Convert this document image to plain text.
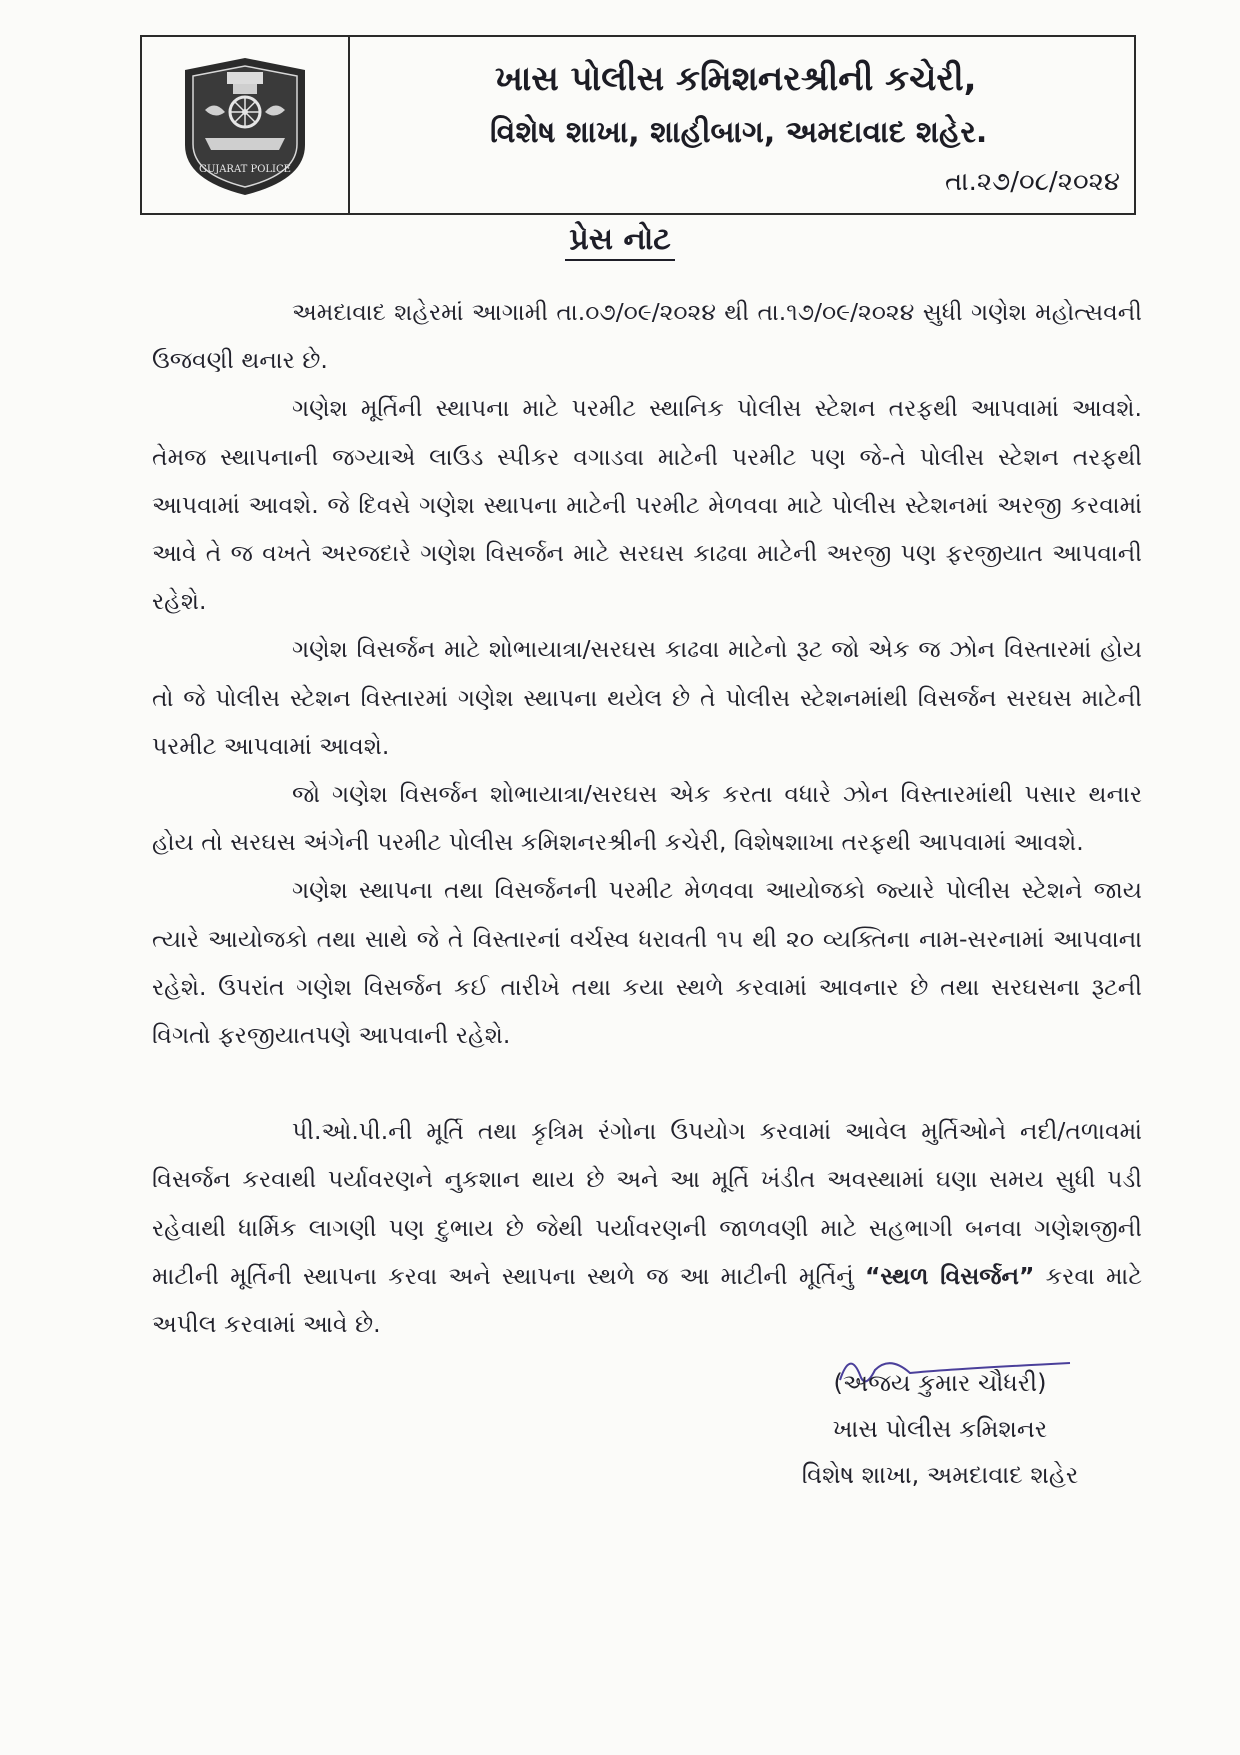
GUJARAT POLICE
ખાસ પોલીસ કમિશનરશ્રીની કચેરી,
વિશેષ શાખા, શાહીબાગ, અમદાવાદ શહેર.
તા.૨૭/૦૮/૨૦૨૪
પ્રેસ નોટ

અમદાવાદ શહેરમાં આગામી તા.૦૭/૦૯/૨૦૨૪ થી તા.૧૭/૦૯/૨૦૨૪ સુધી ગણેશ મહોત્સવની ઉજવણી થનાર છે.

ગણેશ મૂર્તિની સ્થાપના માટે પરમીટ સ્થાનિક પોલીસ સ્ટેશન તરફથી આપવામાં આવશે. તેમજ સ્થાપનાની જગ્યાએ લાઉડ સ્પીકર વગાડવા માટેની પરમીટ પણ જે-તે પોલીસ સ્ટેશન તરફથી આપવામાં આવશે. જે દિવસે ગણેશ સ્થાપના માટેની પરમીટ મેળવવા માટે પોલીસ સ્ટેશનમાં અરજી કરવામાં આવે તે જ વખતે અરજદારે ગણેશ વિસર્જન માટે સરઘસ કાઢવા માટેની અરજી પણ ફરજીયાત આપવાની રહેશે.

ગણેશ વિસર્જન માટે શોભાયાત્રા/સરઘસ કાઢવા માટેનો રૂટ જો એક જ ઝોન વિસ્તારમાં હોય તો જે પોલીસ સ્ટેશન વિસ્તારમાં ગણેશ સ્થાપના થયેલ છે તે પોલીસ સ્ટેશનમાંથી વિસર્જન સરઘસ માટેની પરમીટ આપવામાં આવશે.

જો ગણેશ વિસર્જન શોભાયાત્રા/સરઘસ એક કરતા વધારે ઝોન વિસ્તારમાંથી પસાર થનાર હોય તો સરઘસ અંગેની પરમીટ પોલીસ કમિશનરશ્રીની કચેરી, વિશેષશાખા તરફથી આપવામાં આવશે.

ગણેશ સ્થાપના તથા વિસર્જનની પરમીટ મેળવવા આયોજકો જ્યારે પોલીસ સ્ટેશને જાય ત્યારે આયોજકો તથા સાથે જે તે વિસ્તારનાં વર્ચસ્વ ધરાવતી ૧૫ થી ૨૦ વ્યક્તિના નામ-સરનામાં આપવાના રહેશે. ઉપરાંત ગણેશ વિસર્જન કઈ તારીખે તથા કયા સ્થળે કરવામાં આવનાર છે તથા સરઘસના રૂટની વિગતો ફરજીયાતપણે આપવાની રહેશે.

પી.ઓ.પી.ની મૂર્તિ તથા કૃત્રિમ રંગોના ઉપયોગ કરવામાં આવેલ મુર્તિઓને નદી/તળાવમાં વિસર્જન કરવાથી પર્યાવરણને નુકશાન થાય છે અને આ મૂર્તિ ખંડીત અવસ્થામાં ઘણા સમય સુધી પડી રહેવાથી ધાર્મિક લાગણી પણ દુભાય છે જેથી પર્યાવરણની જાળવણી માટે સહભાગી બનવા ગણેશજીની માટીની મૂર્તિની સ્થાપના કરવા અને સ્થાપના સ્થળે જ આ માટીની મૂર્તિનું “સ્થળ વિસર્જન” કરવા માટે અપીલ કરવામાં આવે છે.

(અજય કુમાર ચૌધરી)
ખાસ પોલીસ કમિશનર
વિશેષ શાખા, અમદાવાદ શહેર
